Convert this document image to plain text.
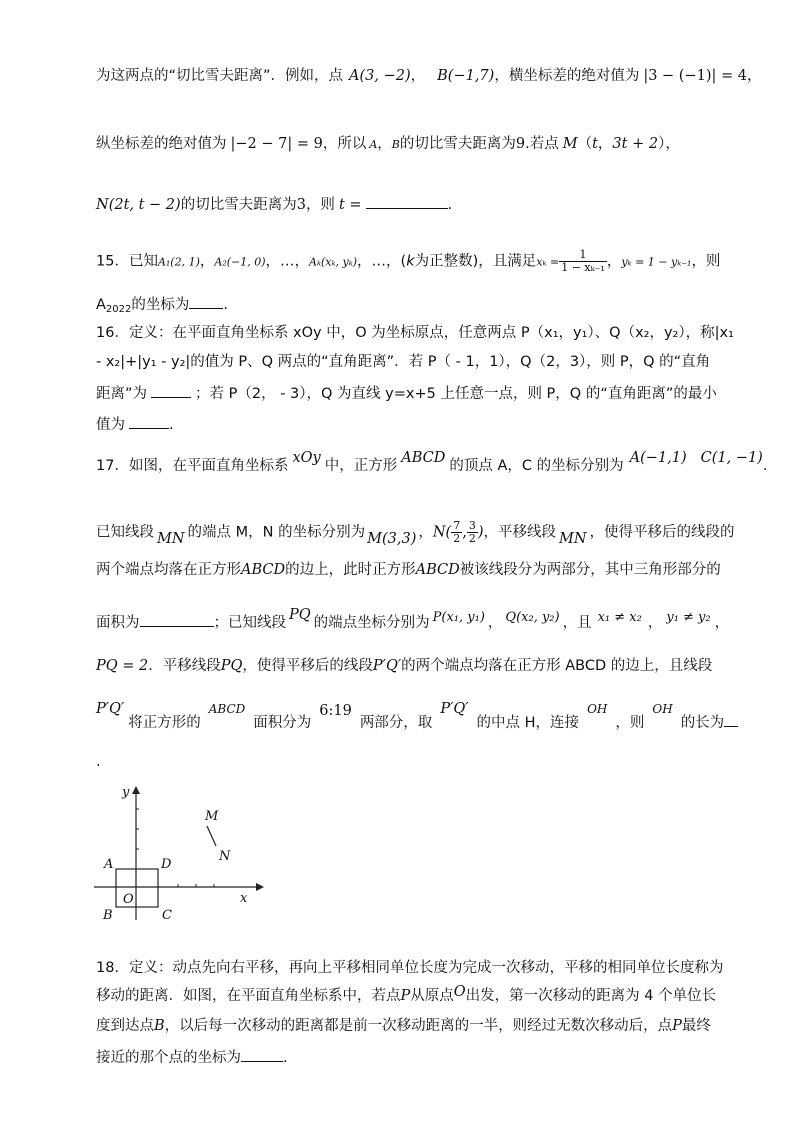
为这两点的“切比雪夫距离”．例如，点 A(3, −2)， B(−1,7)，横坐标差的绝对值为 |3 − (−1)| = 4，
纵坐标差的绝对值为 |−2 − 7| = 9，所以 A，B的切比雪夫距离为9.若点 M（t，3t + 2），
N(2t, t − 2)的切比雪夫距离为3，则 t =	.
15．已知A₁(2, 1)，A₂(−1, 0)，…，Aₖ(xₖ, yₖ)，…，(k为正整数)，且满足$x_k = \frac{1}{\text{1 − xₖ₋₁}}$ ，yₖ = 1 − yₖ₋₁，则
$A_{2022}$的坐标为 .
16．定义：在平面直角坐标系 xOy 中，O 为坐标原点，任意两点 P（x₁，y₁）、Q（x₂，y₂），称|x₁
- x₂|+|y₁ - y₂|的值为 P、Q 两点的“直角距离”．若 P（ - 1，1），Q（2，3），则 P，Q 的“直角
距离”为	；若 P（2， - 3），Q 为直线 y=x+5 上任意一点，则 P，Q 的“直角距离”的最小
值为	.
17．如图，在平面直角坐标系 xOy 中，正方形 ABCD 的顶点 A，C 的坐标分别为 A(−1,1) C(1, −1).
已知线段 MN 的端点 M，N 的坐标分别为 M(3,3) ，$N( \frac{7}{2}$ , $\frac{3}{2}$ )，平移线段 MN ，使得平移后的线段的
两个端点均落在正方形ABCD的边上，此时正方形ABCD被该线段分为两部分，其中三角形部分的
面积为	；已知线段 PQ 的端点坐标分别为 P(x₁, y₁) ， Q(x₂, y₂) ，且 x₁ ≠ x₂ ， y₁ ≠ y₂ ，
PQ = 2．平移线段PQ，使得平移后的线段P′Q′的两个端点均落在正方形 ABCD 的边上，且线段
P′Q′将正方形的$^{ABCD}$面积分为6:19两部分，取P′Q′的中点 H，连接$^{OH}$，则$^{OH}$的长为
.
y
x
A	D
O
B	C
M
N
18．定义：动点先向右平移，再向上平移相同单位长度为完成一次移动，平移的相同单位长度称为
移动的距离．如图，在平面直角坐标系中，若点P从原点O出发，第一次移动的距离为 4 个单位长
度到达点B，以后每一次移动的距离都是前一次移动距离的一半，则经过无数次移动后，点P最终
接近的那个点的坐标为	.
